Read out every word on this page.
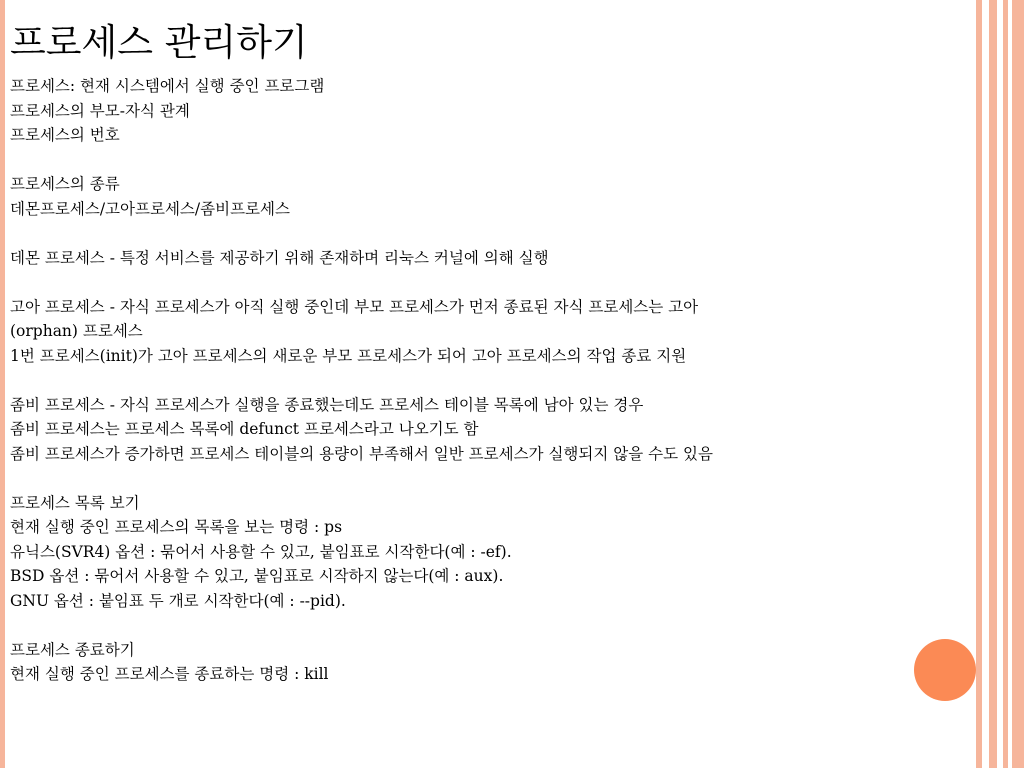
프로세스 관리하기
프로세스: 현재 시스템에서 실행 중인 프로그램
프로세스의 부모-자식 관계
프로세스의 번호
프로세스의 종류
데몬프로세스/고아프로세스/좀비프로세스
데몬 프로세스 - 특정 서비스를 제공하기 위해 존재하며 리눅스 커널에 의해 실행
고아 프로세스 - 자식 프로세스가 아직 실행 중인데 부모 프로세스가 먼저 종료된 자식 프로세스는 고아
(orphan) 프로세스
1번 프로세스(init)가 고아 프로세스의 새로운 부모 프로세스가 되어 고아 프로세스의 작업 종료 지원
좀비 프로세스 - 자식 프로세스가 실행을 종료했는데도 프로세스 테이블 목록에 남아 있는 경우
좀비 프로세스는 프로세스 목록에 defunct 프로세스라고 나오기도 함
좀비 프로세스가 증가하면 프로세스 테이블의 용량이 부족해서 일반 프로세스가 실행되지 않을 수도 있음
프로세스 목록 보기
현재 실행 중인 프로세스의 목록을 보는 명령 : ps
유닉스(SVR4) 옵션 : 묶어서 사용할 수 있고, 붙임표로 시작한다(예 : -ef).
BSD 옵션 : 묶어서 사용할 수 있고, 붙임표로 시작하지 않는다(예 : aux).
GNU 옵션 : 붙임표 두 개로 시작한다(예 : --pid).
프로세스 종료하기
현재 실행 중인 프로세스를 종료하는 명령 : kill
